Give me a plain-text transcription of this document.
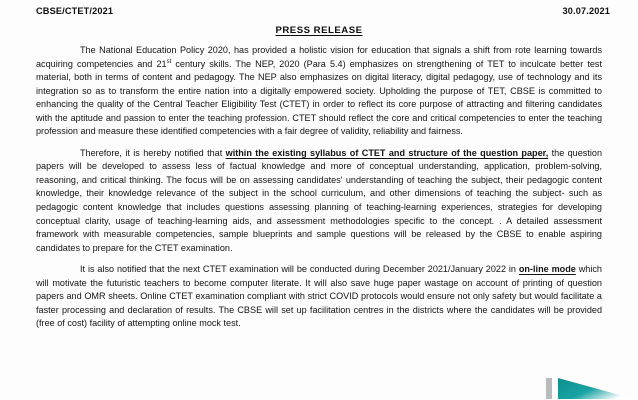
CBSE/CTET/2021	30.07.2021
PRESS RELEASE

The National Education Policy 2020, has provided a holistic vision for education that signals a shift from rote learning towards acquiring competencies and 21st century skills. The NEP, 2020 (Para 5.4) emphasizes on strengthening of TET to inculcate better test material, both in terms of content and pedagogy. The NEP also emphasizes on digital literacy, digital pedagogy, use of technology and its integration so as to transform the entire nation into a digitally empowered society. Upholding the purpose of TET, CBSE is committed to enhancing the quality of the Central Teacher Eligibility Test (CTET) in order to reflect its core purpose of attracting and filtering candidates with the aptitude and passion to enter the teaching profession. CTET should reflect the core and critical competencies to enter the teaching profession and measure these identified competencies with a fair degree of validity, reliability and fairness.

Therefore, it is hereby notified that within the existing syllabus of CTET and structure of the question paper, the question papers will be developed to assess less of factual knowledge and more of conceptual understanding, application, problem-solving, reasoning, and critical thinking. The focus will be on assessing candidates' understanding of teaching the subject, their pedagogic content knowledge, their knowledge relevance of the subject in the school curriculum, and other dimensions of teaching the subject- such as pedagogic content knowledge that includes questions assessing planning of teaching-learning experiences, strategies for developing conceptual clarity, usage of teaching-learning aids, and assessment methodologies specific to the concept. . A detailed assessment framework with measurable competencies, sample blueprints and sample questions will be released by the CBSE to enable aspiring candidates to prepare for the CTET examination.

It is also notified that the next CTET examination will be conducted during December 2021/January 2022 in on-line mode which will motivate the futuristic teachers to become computer literate. It will also save huge paper wastage on account of printing of question papers and OMR sheets. Online CTET examination compliant with strict COVID protocols would ensure not only safety but would facilitate a faster processing and declaration of results. The CBSE will set up facilitation centres in the districts where the candidates will be provided (free of cost) facility of attempting online mock test.
